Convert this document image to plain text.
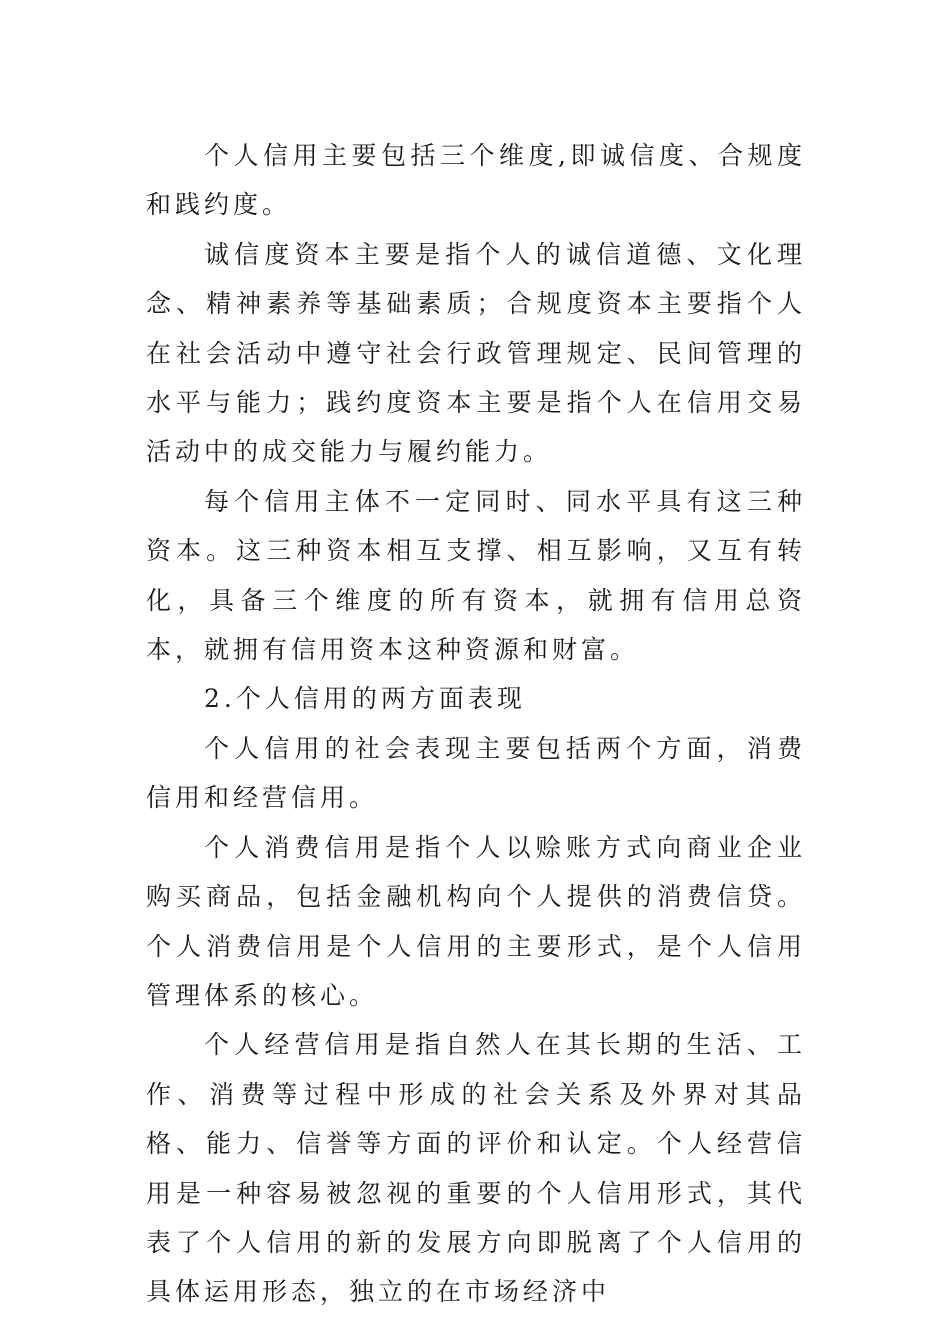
个人信用主要包括三个维度,即诚信度、合规度和践约度。

诚信度资本主要是指个人的诚信道德、文化理念、精神素养等基础素质；合规度资本主要指个人在社会活动中遵守社会行政管理规定、民间管理的水平与能力；践约度资本主要是指个人在信用交易活动中的成交能力与履约能力。

每个信用主体不一定同时、同水平具有这三种资本。这三种资本相互支撑、相互影响，又互有转化，具备三个维度的所有资本，就拥有信用总资本，就拥有信用资本这种资源和财富。

2.个人信用的两方面表现

个人信用的社会表现主要包括两个方面，消费信用和经营信用。

个人消费信用是指个人以赊账方式向商业企业购买商品，包括金融机构向个人提供的消费信贷。个人消费信用是个人信用的主要形式，是个人信用管理体系的核心。

个人经营信用是指自然人在其长期的生活、工作、消费等过程中形成的社会关系及外界对其品格、能力、信誉等方面的评价和认定。个人经营信用是一种容易被忽视的重要的个人信用形式，其代表了个人信用的新的发展方向即脱离了个人信用的具体运用形态，独立的在市场经济中
